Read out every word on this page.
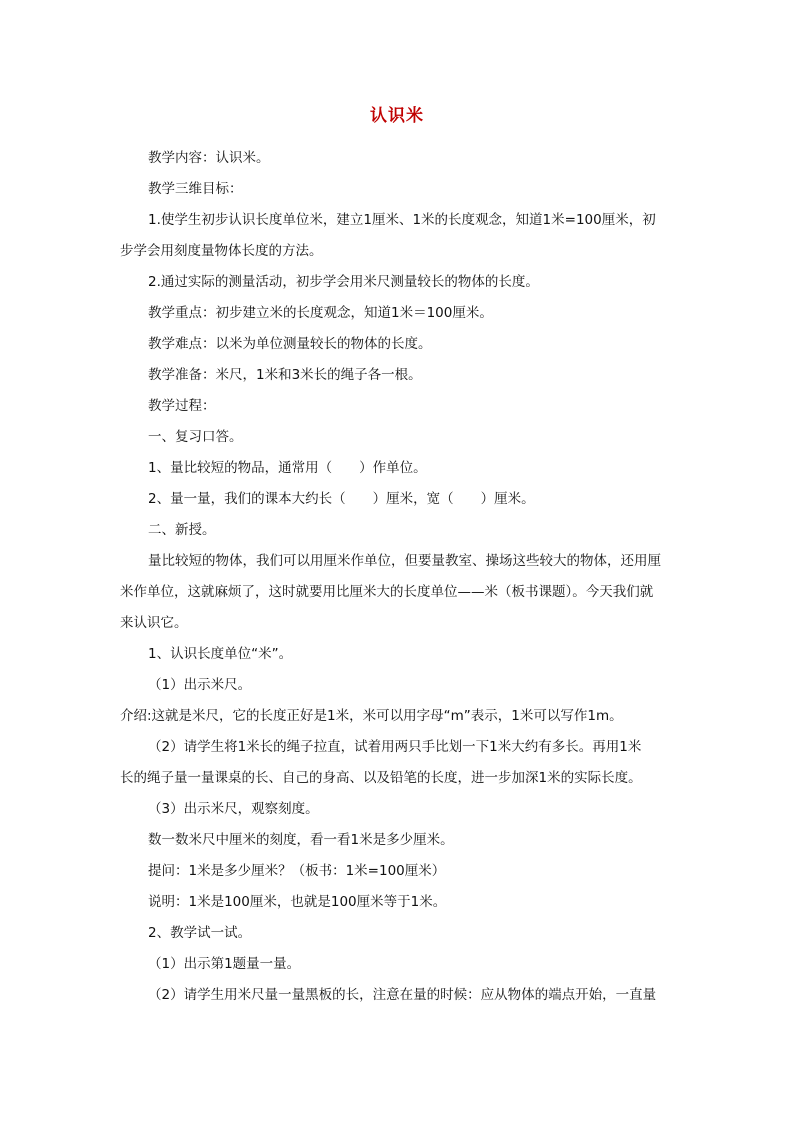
认识米

教学内容：认识米。

教学三维目标：

1.使学生初步认识长度单位米，建立1厘米、1米的长度观念，知道1米=100厘米，初

步学会用刻度量物体长度的方法。

2.通过实际的测量活动，初步学会用米尺测量较长的物体的长度。

教学重点：初步建立米的长度观念，知道1米＝100厘米。

教学难点：以米为单位测量较长的物体的长度。

教学准备：米尺，1米和3米长的绳子各一根。

教学过程：

一、复习口答。

1、量比较短的物品，通常用（　　）作单位。

2、量一量，我们的课本大约长（　　）厘米，宽（　　）厘米。

二、新授。

量比较短的物体，我们可以用厘米作单位，但要量教室、操场这些较大的物体，还用厘

米作单位，这就麻烦了，这时就要用比厘米大的长度单位——米（板书课题）。今天我们就

来认识它。

1、认识长度单位“米”。

（1）出示米尺。

介绍:这就是米尺，它的长度正好是1米，米可以用字母“m”表示，1米可以写作1m。

（2）请学生将1米长的绳子拉直，试着用两只手比划一下1米大约有多长。再用1米

长的绳子量一量课桌的长、自己的身高、以及铅笔的长度，进一步加深1米的实际长度。

（3）出示米尺，观察刻度。

数一数米尺中厘米的刻度，看一看1米是多少厘米。

提问：1米是多少厘米？（板书：1米=100厘米）

说明：1米是100厘米，也就是100厘米等于1米。

2、教学试一试。

（1）出示第1题量一量。

（2）请学生用米尺量一量黑板的长，注意在量的时候：应从物体的端点开始，一直量
